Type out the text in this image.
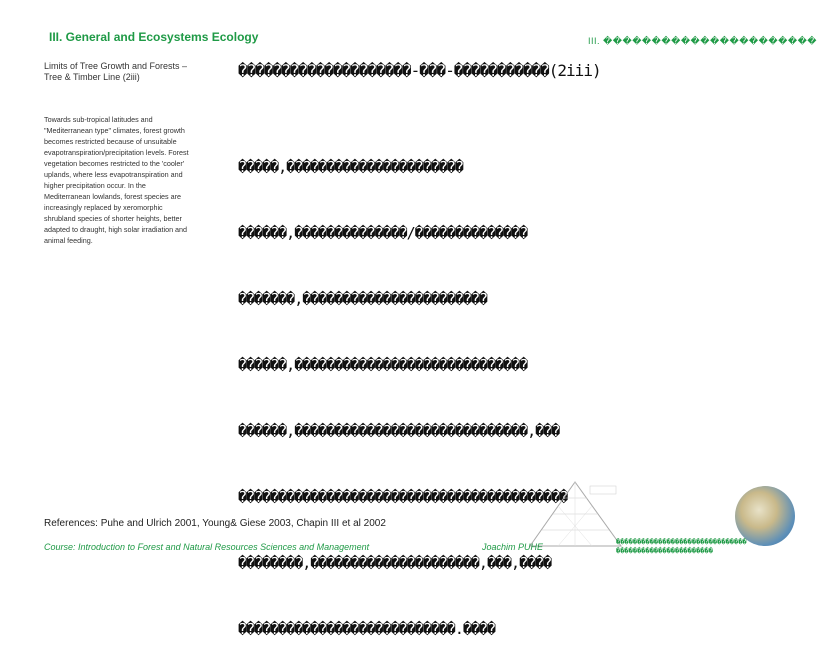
III. General and Ecosystems Ecology	III. ����������������������
Limits of Tree Growth and Forests – Tree & Timber Line (2iii)
Towards sub-tropical latitudes and "Mediterranean type" climates, forest growth becomes restricted because of unsuitable evapotranspiration/precipitation levels. Forest vegetation becomes restricted to the 'cooler' uplands, where less evapotranspiration and higher precipitation occur. In the Mediterranean lowlands, forest species are increasingly replaced by xeromorphic shrubland species of shorter heights, better adapted to draught, high solar irradiation and animal feeding.
��������������������-���-�����������(2iii)

�����,����������������������

������,��������������/��������������

�������,�����������������������

������,�����������������������������

������,�����������������������������,���

�����������������������������������������

��������,���������������������,���,����

���������������������������.����

References: Puhe and Ulrich 2001, Young& Giese 2003, Chapin III et al 2002
Course: Introduction to Forest and Natural Resources Sciences and Management	Joachim PUHE	�������������������������������
�����������������������
